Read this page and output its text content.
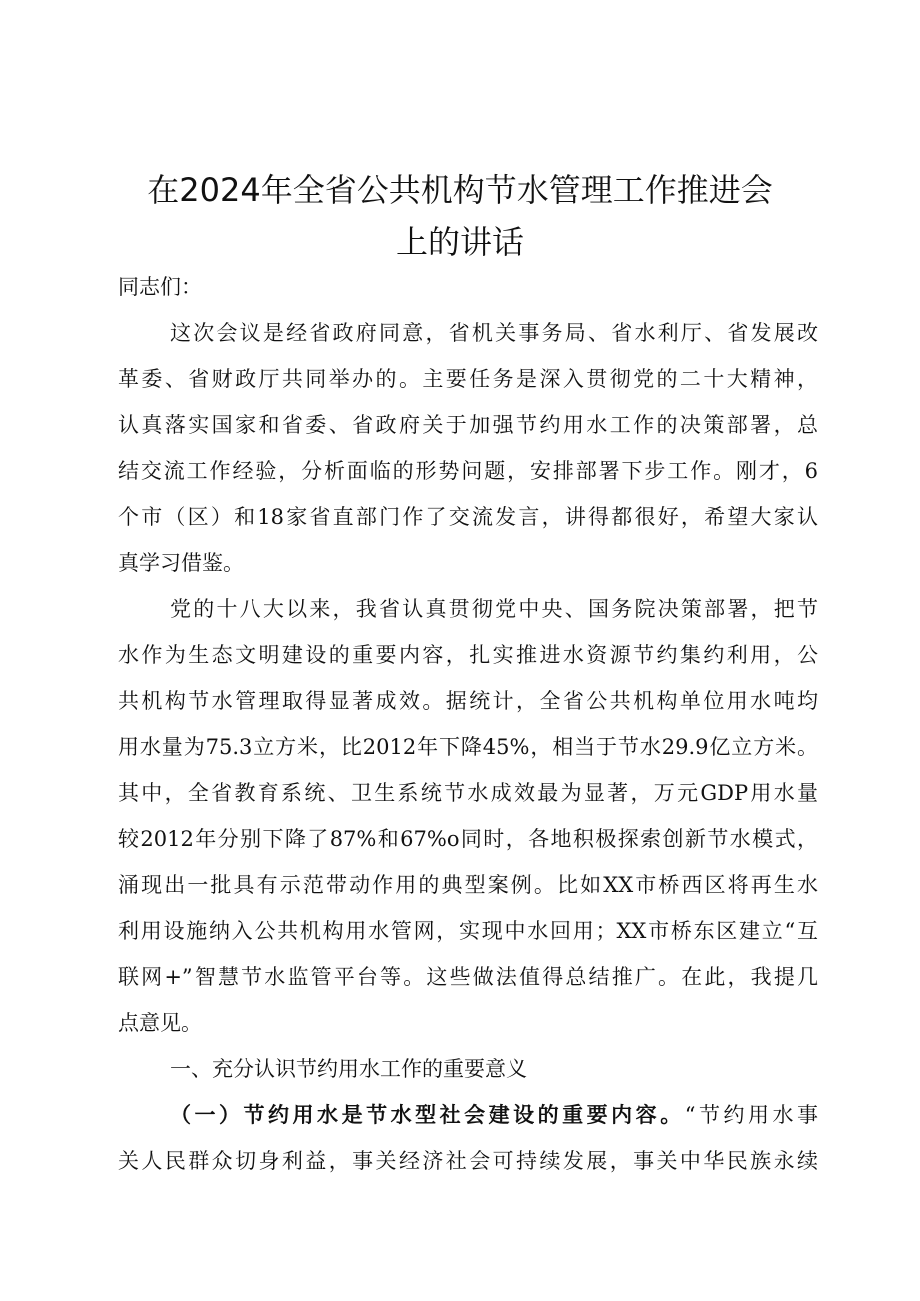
在2024年全省公共机构节水管理工作推进会
上的讲话
同志们：
这次会议是经省政府同意，省机关事务局、省水利厅、省发展改
革委、省财政厅共同举办的。主要任务是深入贯彻党的二十大精神，
认真落实国家和省委、省政府关于加强节约用水工作的决策部署，总
结交流工作经验，分析面临的形势问题，安排部署下步工作。刚才，6
个市（区）和18家省直部门作了交流发言，讲得都很好，希望大家认
真学习借鉴。
党的十八大以来，我省认真贯彻党中央、国务院决策部署，把节
水作为生态文明建设的重要内容，扎实推进水资源节约集约利用，公
共机构节水管理取得显著成效。据统计，全省公共机构单位用水吨均
用水量为75.3立方米，比2012年下降45%，相当于节水29.9亿立方米。
其中，全省教育系统、卫生系统节水成效最为显著，万元GDP用水量
较2012年分别下降了87%和67%o同时，各地积极探索创新节水模式，
涌现出一批具有示范带动作用的典型案例。比如XX市桥西区将再生水
利用设施纳入公共机构用水管网，实现中水回用；XX市桥东区建立“互
联网+”智慧节水监管平台等。这些做法值得总结推广。在此，我提几
点意见。
一、充分认识节约用水工作的重要意义
（一）节约用水是节水型社会建设的重要内容。“节约用水事
关人民群众切身利益，事关经济社会可持续发展，事关中华民族永续
